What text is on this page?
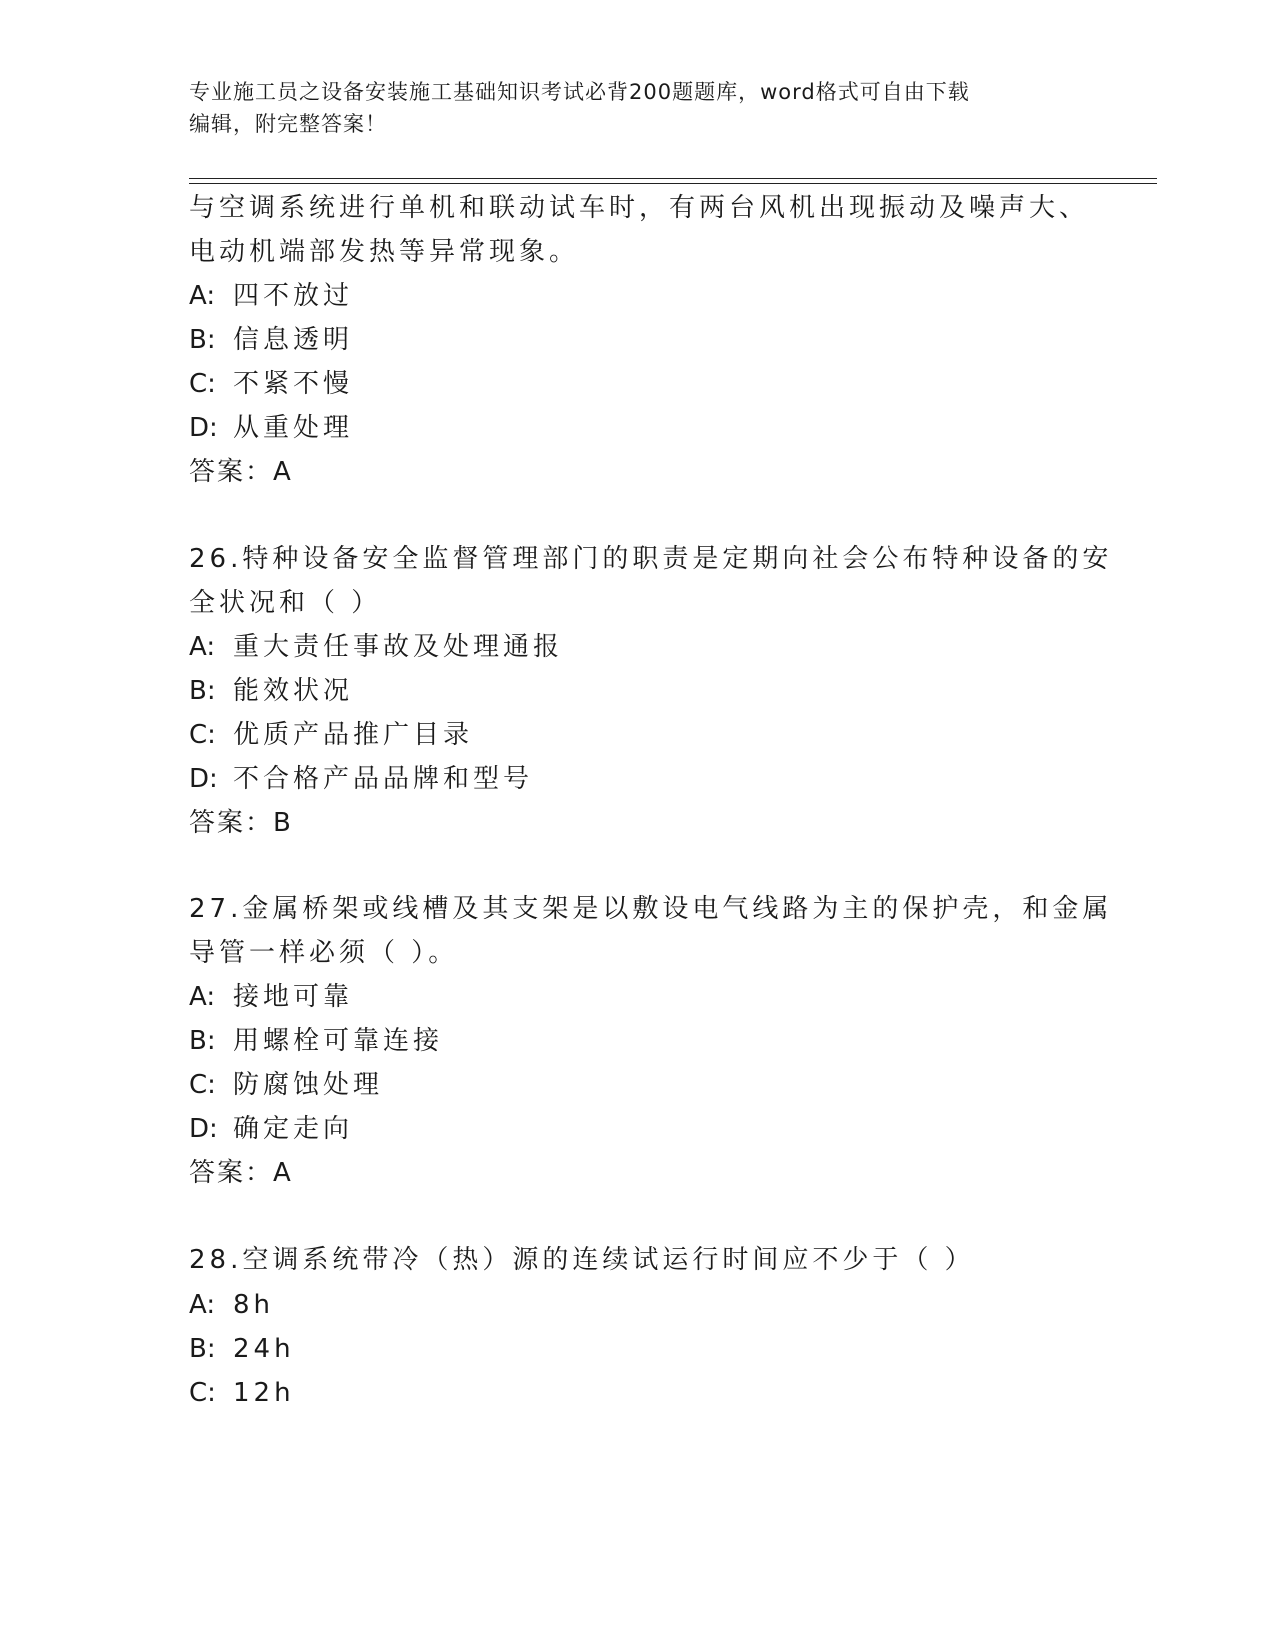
专业施工员之设备安装施工基础知识考试必背200题题库，word格式可自由下载
编辑，附完整答案！
与空调系统进行单机和联动试车时，有两台风机出现振动及噪声大、
电动机端部发热等异常现象。
A: 四不放过
B: 信息透明
C: 不紧不慢
D: 从重处理
答案：A
26.特种设备安全监督管理部门的职责是定期向社会公布特种设备的安
全状况和（ ）
A: 重大责任事故及处理通报
B: 能效状况
C: 优质产品推广目录
D: 不合格产品品牌和型号
答案：B
27.金属桥架或线槽及其支架是以敷设电气线路为主的保护壳，和金属
导管一样必须（ ）。
A: 接地可靠
B: 用螺栓可靠连接
C: 防腐蚀处理
D: 确定走向
答案：A
28.空调系统带冷（热）源的连续试运行时间应不少于（ ）
A: 8h
B: 24h
C: 12h
